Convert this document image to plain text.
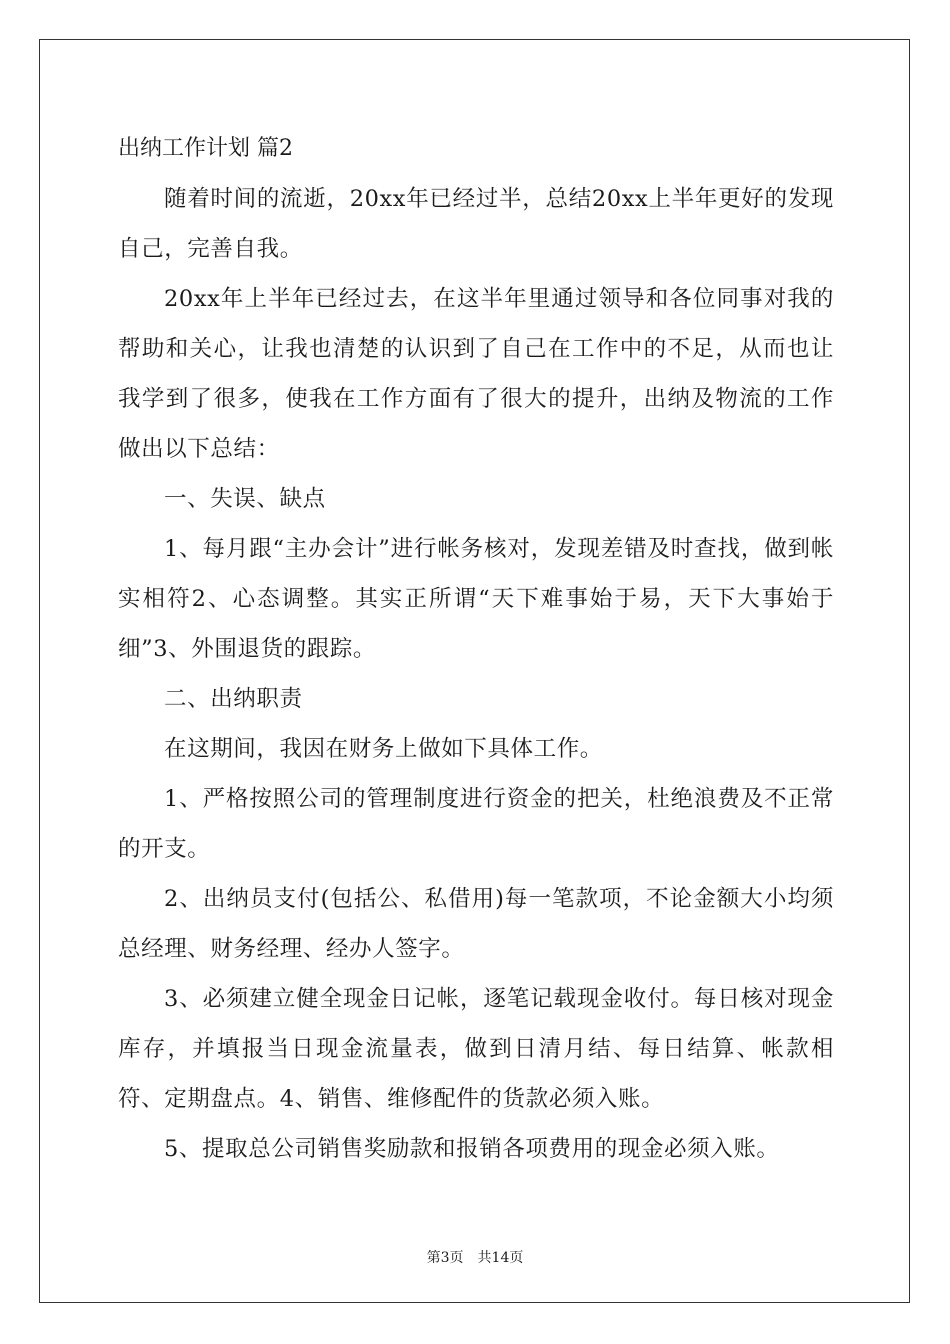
出纳工作计划 篇2

随着时间的流逝，20xx年已经过半，总结20xx上半年更好的发现自己，完善自我。

20xx年上半年已经过去，在这半年里通过领导和各位同事对我的帮助和关心，让我也清楚的认识到了自己在工作中的不足，从而也让我学到了很多，使我在工作方面有了很大的提升，出纳及物流的工作做出以下总结：

一、失误、缺点

1、每月跟“主办会计”进行帐务核对，发现差错及时查找，做到帐实相符2、心态调整。其实正所谓“天下难事始于易，天下大事始于细”3、外围退货的跟踪。

二、出纳职责

在这期间，我因在财务上做如下具体工作。

1、严格按照公司的管理制度进行资金的把关，杜绝浪费及不正常的开支。

2、出纳员支付(包括公、私借用)每一笔款项，不论金额大小均须总经理、财务经理、经办人签字。

3、必须建立健全现金日记帐，逐笔记载现金收付。每日核对现金库存，并填报当日现金流量表，做到日清月结、每日结算、帐款相符、定期盘点。4、销售、维修配件的货款必须入账。

5、提取总公司销售奖励款和报销各项费用的现金必须入账。

第3页　共14页
